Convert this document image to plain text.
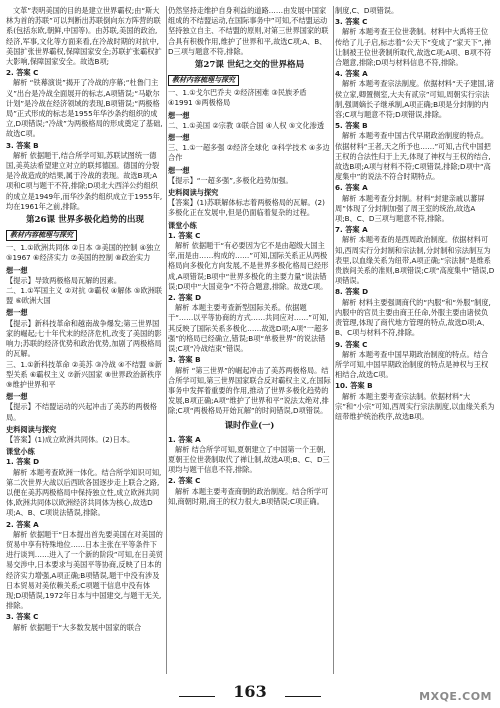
文革”表明美国的目的是建立世界霸权;由“斯大林为首的苏联”可以判断出苏联倒向东方阵营的联系(包括东欧,朝鲜,中国等)。由苏联,美国的政治,经济,军事,文化等方面来看,在冷战时期的对抗中,美国扩张世界霸权,保障国家安全;苏联扩张霸权扩大影响,保障国家安全。故选B项;

2. 答案 C

解析 “铁幕演说”揭开了冷战的序幕;“杜鲁门主义”出台是冷战全面展开的标志,A项错误;“马歇尔计划”是冷战在经济领域的表现,B项错误;“两极格局”正式形成的标志是1955年华沙条约组织的成立,D项错误;“冷战”为两极格局的形成奠定了基础,故选C项。

3. 答案 B

解析 依据题干,结合所学可知,苏联试图统一德国,美英法希望建立对立的联邦德国。德国的分裂是冷战造成的结果,属于冷战的表现。故选B项;A项和C项与题干不符,排除;D项北大西洋公约组织的成立是1949年,而华沙条约组织成立于1955年,均在1961年之前,排除。

第26课 世界多极化趋势的出现

教材内容梳理与探究

一、1.①欧洲共同体 ②日本 ③美国的控制 ④独立 ⑤1967 ⑥经济实力 ⑦美国的控制 ⑧政治实力

想一想

【提示】导致两极格局瓦解的因素。

二、1.①军国主义 ②对抗 ③霸权 ④解体 ⑤欧洲联盟 ⑥欧洲大国

想一想

【提示】新科技革命和越南战争爆发;第三世界国家的崛起;七十年代末的经济危机,改变了美国的影响力;苏联的经济优势和政治优势,加剧了两极格局的瓦解。

三、1.①新科技革命 ②美苏 ③冷战 ④不结盟 ⑤新型关系 ⑥霸权主义 ⑦新兴国家 ⑧世界政治新秩序 ⑨维护世界和平

想一想

【提示】不结盟运动的兴起冲击了美苏的两极格局。

史料阅读与探究

【答案】(1)成立欧洲共同体。(2)日本。

课堂小练

1. 答案 D

解析 本题考查欧洲一体化。结合所学知识可知,第二次世界大战以后西欧各国逐步走上联合之路,以便在美苏两极格局中保持独立性,成立欧洲共同体,欧洲共同体以欧洲经济共同体为核心,故选D项;A、B、C项说法错误,排除。

2. 答案 A

解析 依据题干“日本提出首先要美国在对美国的贸易中享有特殊地位……日本主张在平等条件下进行谈判……进入了一个新的阶段”可知,在日美贸易交涉中,日本要求与美国平等协商,反映了日本的经济实力增强,A项正确;B项错误,题干中没有涉及日本贸易对美依赖关系;C项题干信息中没有体现;D项错误,1972年日本与中国建交,与题干无关,排除。

3. 答案 C

解析 依据题干“大多数发展中国家的联合

仍然坚持走维护自身利益的道路……由发展中国家组成的不结盟运动,在国际事务中”可知,不结盟运动坚持独立自主、不结盟的原则,对第三世界国家的联合具有积极作用,维护了世界和平,故选C项;A、B、D三项与题意不符,排除。

第27课 世纪之交的世界格局

教材内容梳理与探究

一、1.①戈尔巴乔夫 ②经济困难 ③民族矛盾 ④1991 ⑤两极格局

想一想

二、1.①美国 ②宗教 ③联合国 ④人权 ⑤文化渗透

想一想

三、1.①一超多强 ②经济全球化 ③科学技术 ④多边合作

想一想

【提示】“一超多强”,多极化趋势加强。

史料阅读与探究

【答案】(1)苏联解体标志着两极格局的瓦解。(2)多极化正在发展中,但是仍面临着复杂的过程。

课堂小练

1. 答案 C

解析 依据题干“有必要因为它不是由超级大国主宰,而是由……构成的……”可知,国际关系正从两极格局向多极化方向发展,不是世界多极化格局已经形成,A项错误;B项中“世界多极化的主要力量”说法错误;D项中“大国竞争”不符合题意,排除。故选C项。

2. 答案 D

解析 本题主要考查新型国际关系。依据题干“……以平等协商的方式……共同应对……”可知,其反映了国际关系多极化……故选D项;A项“一超多强”的格局已经确立,错误;B项“单极世界”的说法错误;C项“冷战结束”错误。

3. 答案 B

解析 “第三世界”的崛起冲击了美苏两极格局。结合所学可知,第三世界国家联合反对霸权主义,在国际事务中发挥着重要的作用,推动了世界多极化趋势的发展,B项正确;A项“维护了世界和平”说法太绝对,排除;C项“两极格局开始瓦解”的时间错误,D项错误。

课时作业(一)

1. 答案 A

解析 结合所学可知,夏朝建立了中国第一个王朝,夏朝王位世袭制取代了禅让制,故选A项;B、C、D三项均与题干信息不符,排除。

2. 答案 C

解析 本题主要考查商朝的政治制度。结合所学可知,商朝时期,商王的权力很大,B项错误;C项正确。

制度,C、D项错误。

3. 答案 C

解析 本题考查王位世袭制。材料中大禹将王位传给了儿子启,标志着“公天下”变成了“家天下”,禅让制被王位世袭制所取代,故选C项;A项、B项不符合题意,排除;D项与材料信息不符,排除。

4. 答案 A

解析 本题考查宗法制度。依据材料“天子建国,诸侯立家,卿置侧室,大夫有贰宗”可知,周朝实行宗法制,强调嫡长子继承制,A项正确;B项是分封制的内容;C项与题意不符;D项错误,排除。

5. 答案 B

解析 本题考查中国古代早期政治制度的特点。依据材料“王者,天之所予也……”可知,古代中国把王权的合法性归于上天,体现了神权与王权的结合,故选B项;A项与材料不符;C项错误,排除;D项中“高度集中”的说法不符合时期特点。

6. 答案 A

解析 本题考查分封制。材料“封建亲戚以蕃屏周”体现了分封制加强了周王室的统治,故选A项;B、C、D三项与题意不符,排除。

7. 答案 A

解析 本题考查的是西周政治制度。依据材料可知,西周实行分封制和宗法制,分封制和宗法制互为表里,以血缘关系为纽带,A项正确;“宗法制”是维系贵族间关系的准则,B项错误;C项“高度集中”错误,D项错误。

8. 答案 D

解析 材料主要强调商代的“内服”和“外服”制度,内服中的官员主要由商王任命,外服主要由诸侯负责管理,体现了商代地方管理的特点,故选D项;A、B、C项与材料不符,排除。

9. 答案 C

解析 本题考查中国早期政治制度的特点。结合所学可知,中国早期政治制度的特点是神权与王权相结合,故选C项。

10. 答案 B

解析 本题主要考查宗法制。依据材料“大宗”和“小宗”可知,西周实行宗法制度,以血缘关系为纽带维护统治秩序,故选B项。

163	MXQE.COM
